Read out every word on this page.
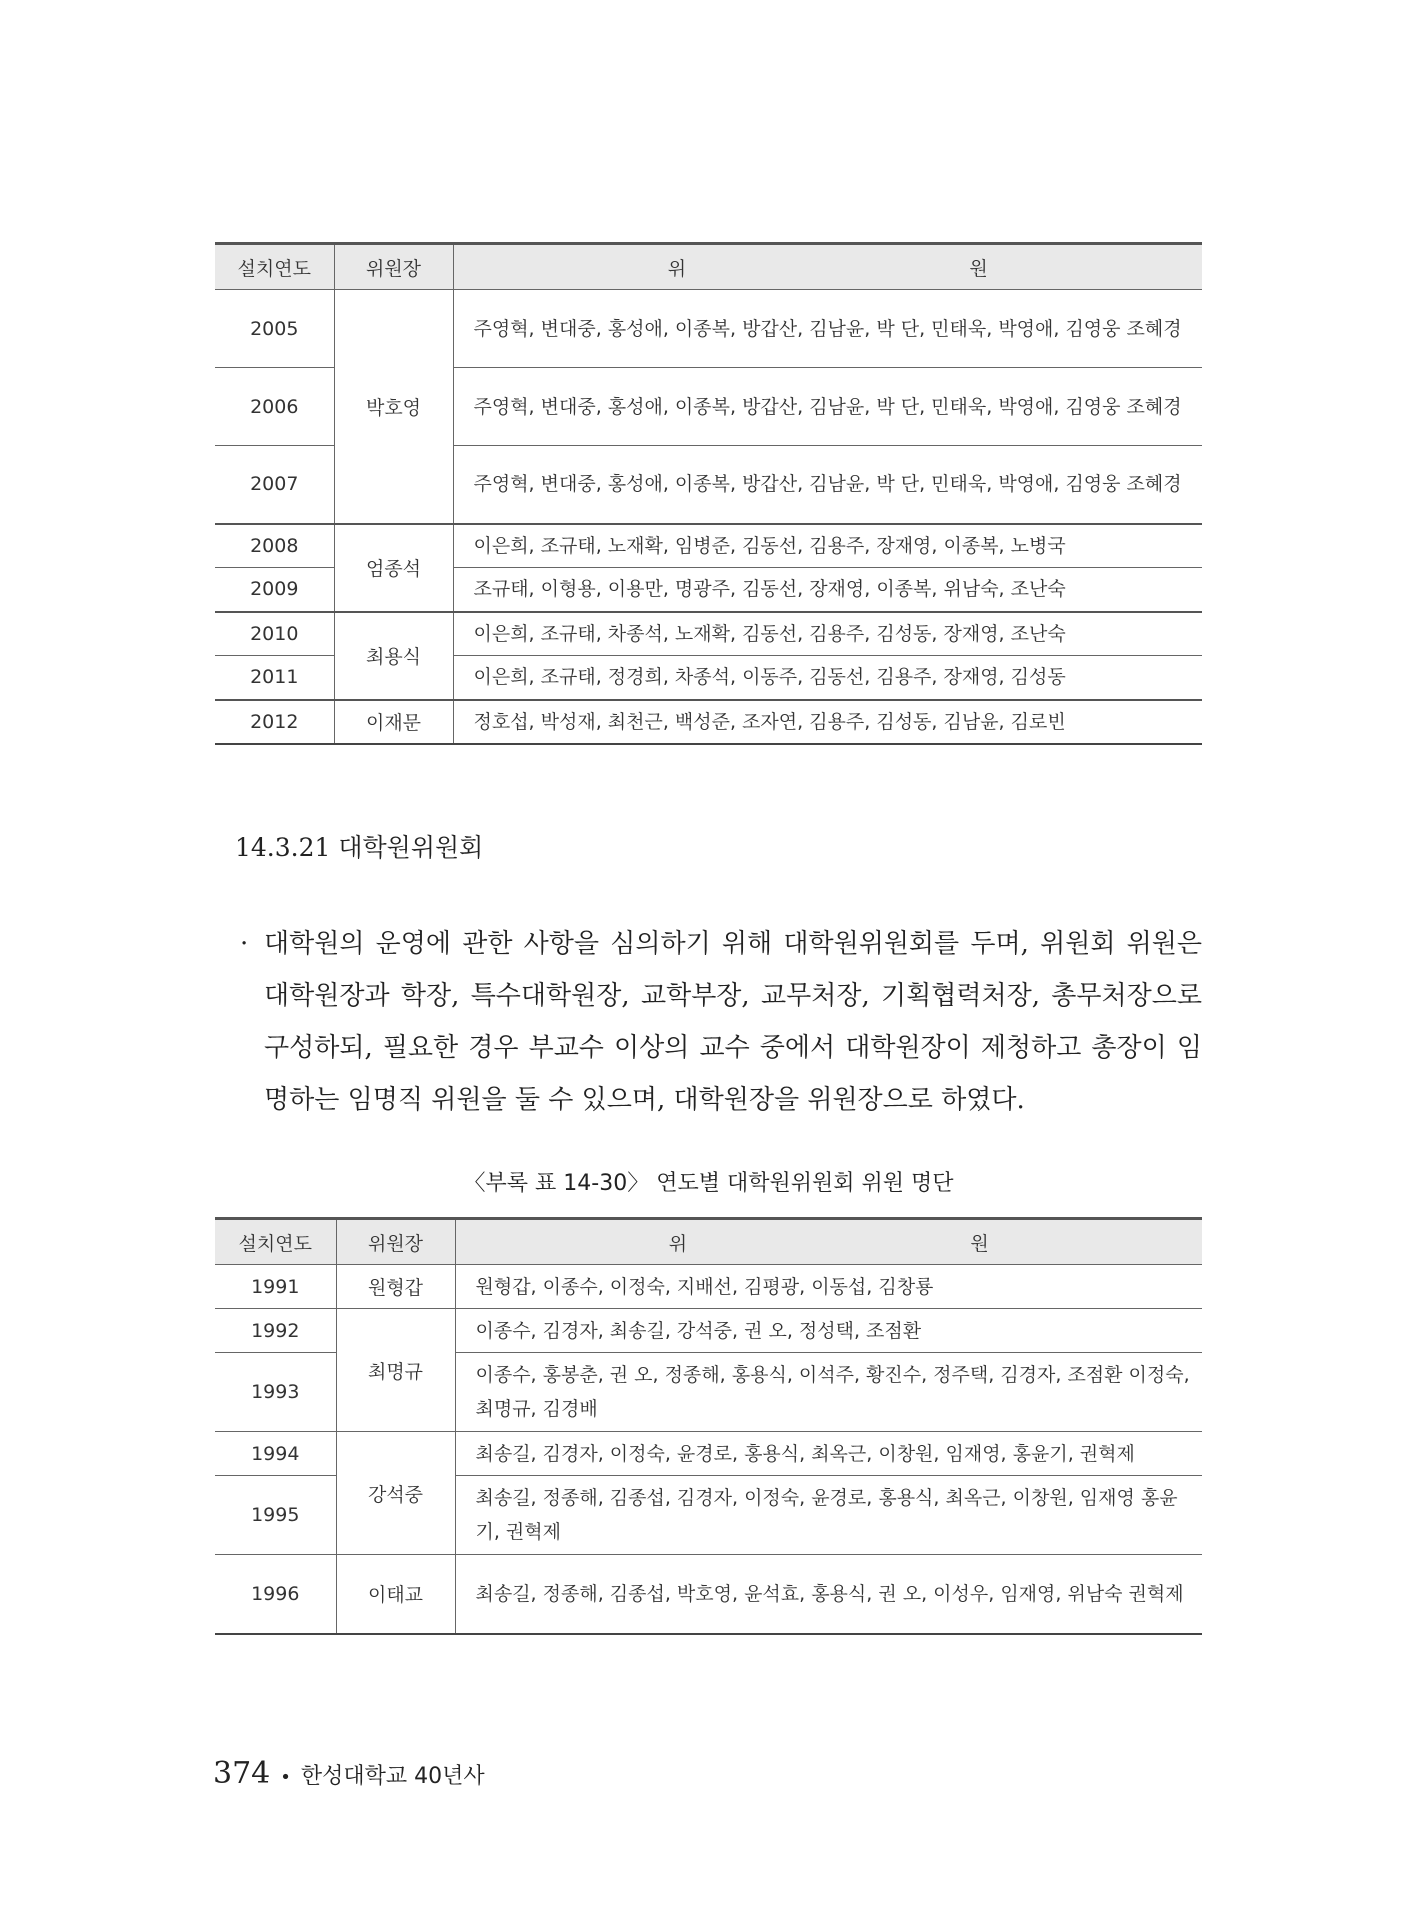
설치연도	위원장	위 원
2005	박호영	주영혁, 변대중, 홍성애, 이종복, 방갑산, 김남윤, 박 단, 민태욱, 박영애, 김영웅 조혜경
2006		주영혁, 변대중, 홍성애, 이종복, 방갑산, 김남윤, 박 단, 민태욱, 박영애, 김영웅 조혜경
2007		주영혁, 변대중, 홍성애, 이종복, 방갑산, 김남윤, 박 단, 민태욱, 박영애, 김영웅 조혜경
2008	엄종석	이은희, 조규태, 노재확, 임병준, 김동선, 김용주, 장재영, 이종복, 노병국
2009		조규태, 이형용, 이용만, 명광주, 김동선, 장재영, 이종복, 위남숙, 조난숙
2010	최용식	이은희, 조규태, 차종석, 노재확, 김동선, 김용주, 김성동, 장재영, 조난숙
2011		이은희, 조규태, 정경희, 차종석, 이동주, 김동선, 김용주, 장재영, 김성동
2012	이재문	정호섭, 박성재, 최천근, 백성준, 조자연, 김용주, 김성동, 김남윤, 김로빈
14.3.21 대학원위원회
· 대학원의 운영에 관한 사항을 심의하기 위해 대학원위원회를 두며, 위원회 위원은 대학원장과 학장, 특수대학원장, 교학부장, 교무처장, 기획협력처장, 총무처장으로 구성하되, 필요한 경우 부교수 이상의 교수 중에서 대학원장이 제청하고 총장이 임명하는 임명직 위원을 둘 수 있으며, 대학원장을 위원장으로 하였다.
〈부록 표 14-30〉 연도별 대학원위원회 위원 명단
설치연도	위원장	위 원
1991	원형갑	원형갑, 이종수, 이정숙, 지배선, 김평광, 이동섭, 김창룡
1992	최명규	이종수, 김경자, 최송길, 강석중, 권 오, 정성택, 조점환
1993		이종수, 홍봉춘, 권 오, 정종해, 홍용식, 이석주, 황진수, 정주택, 김경자, 조점환 이정숙, 최명규, 김경배
1994	강석중	최송길, 김경자, 이정숙, 윤경로, 홍용식, 최옥근, 이창원, 임재영, 홍윤기, 권혁제
1995		최송길, 정종해, 김종섭, 김경자, 이정숙, 윤경로, 홍용식, 최옥근, 이창원, 임재영 홍윤기, 권혁제
1996	이태교	최송길, 정종해, 김종섭, 박호영, 윤석효, 홍용식, 권 오, 이성우, 임재영, 위남숙 권혁제
374 • 한성대학교 40년사
